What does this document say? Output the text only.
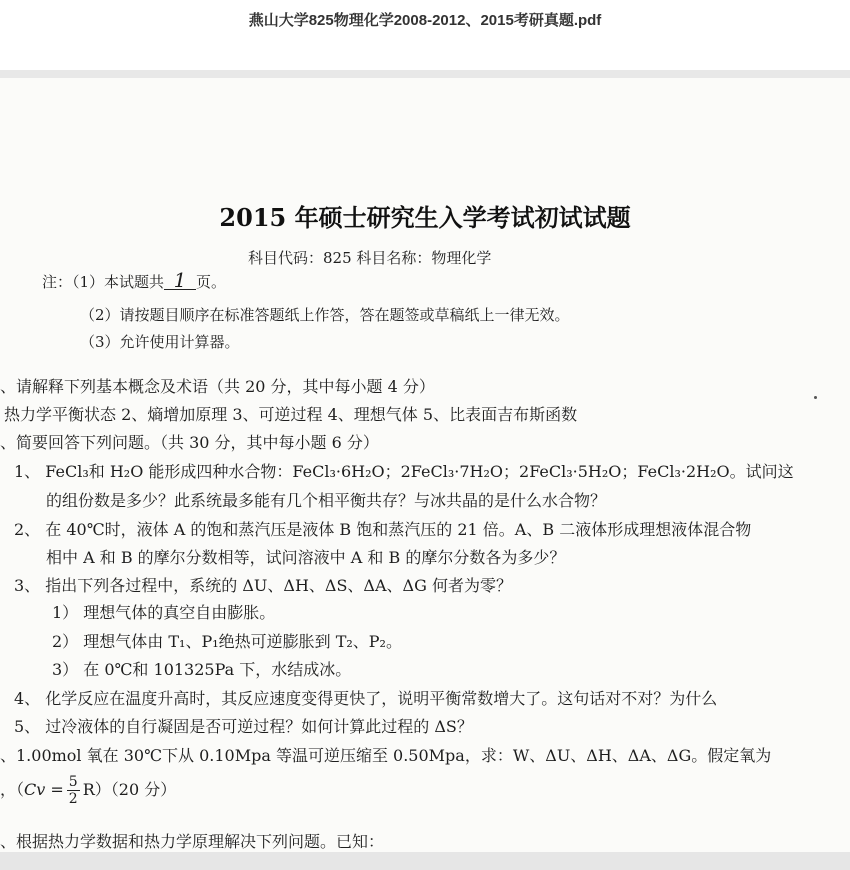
燕山大学825物理化学2008-2012、2015考研真题.pdf
2015 年硕士研究生入学考试初试试题
科目代码：825 科目名称：物理化学
注：（1）本试题共 1 页。
（2）请按题目顺序在标准答题纸上作答，答在题签或草稿纸上一律无效。
（3）允许使用计算器。
、请解释下列基本概念及术语（共 20 分，其中每小题 4 分）
热力学平衡状态 2、熵增加原理 3、可逆过程 4、理想气体 5、比表面吉布斯函数
、简要回答下列问题。（共 30 分，其中每小题 6 分）
1、 FeCl₃和 H₂O 能形成四种水合物：FeCl₃·6H₂O；2FeCl₃·7H₂O；2FeCl₃·5H₂O；FeCl₃·2H₂O。试问这
的组份数是多少？此系统最多能有几个相平衡共存？与冰共晶的是什么水合物？
2、 在 40℃时，液体 A 的饱和蒸汽压是液体 B 饱和蒸汽压的 21 倍。A、B 二液体形成理想液体混合物
相中 A 和 B 的摩尔分数相等，试问溶液中 A 和 B 的摩尔分数各为多少？
3、 指出下列各过程中，系统的 ΔU、ΔH、ΔS、ΔA、ΔG 何者为零？
1） 理想气体的真空自由膨胀。
2） 理想气体由 T₁、P₁绝热可逆膨胀到 T₂、P₂。
3） 在 0℃和 101325Pa 下，水结成冰。
4、 化学反应在温度升高时，其反应速度变得更快了，说明平衡常数增大了。这句话对不对？为什么
5、 过冷液体的自行凝固是否可逆过程？如何计算此过程的 ΔS？
、1.00mol 氧在 30℃下从 0.10Mpa 等温可逆压缩至 0.50Mpa，求：W、ΔU、ΔH、ΔA、ΔG。假定氧为
，$(Cv = \frac{5}{2} R)(20$ 分）
、根据热力学数据和热力学原理解决下列问题。已知：
